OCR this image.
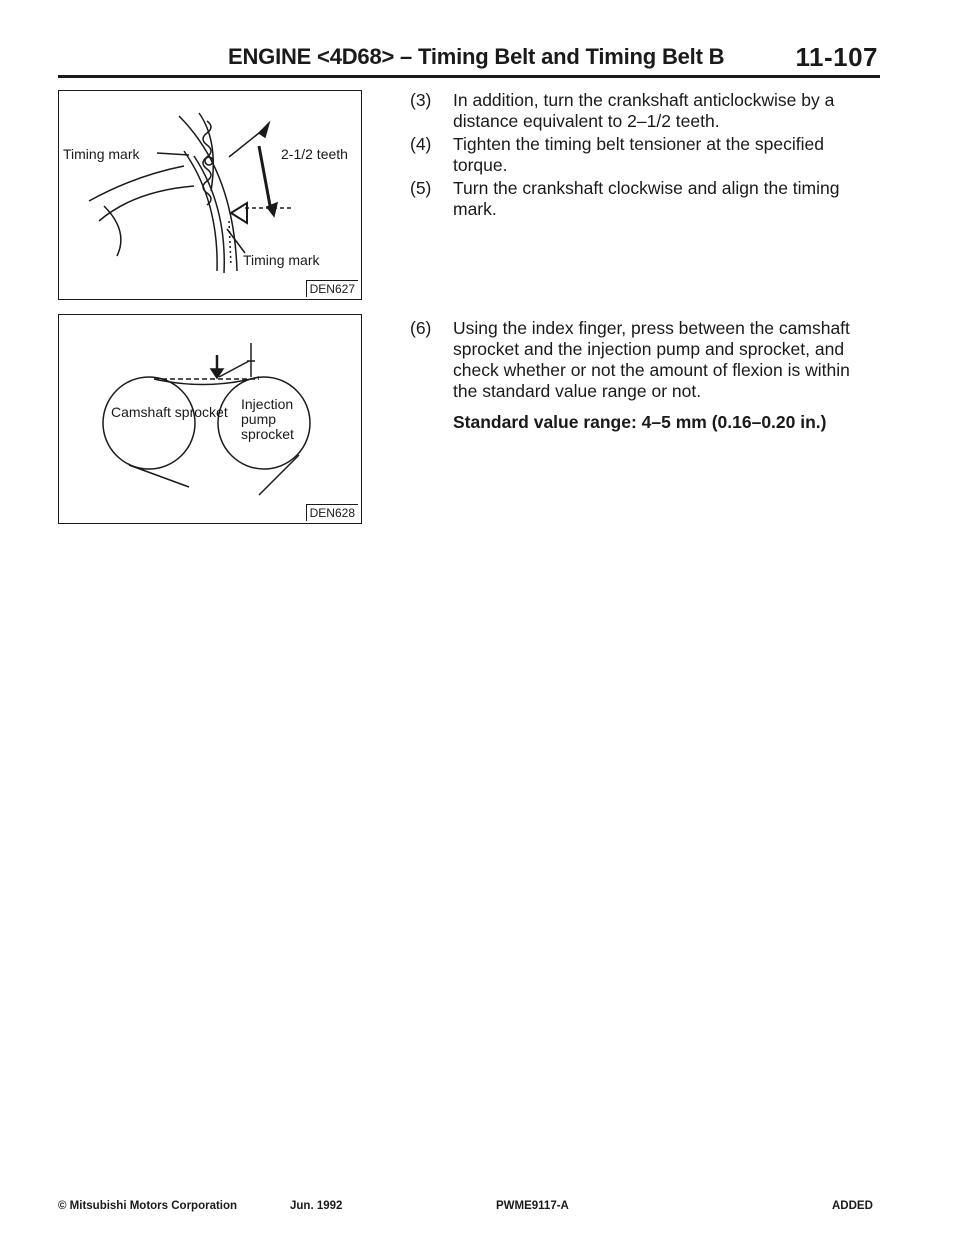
ENGINE <4D68> – Timing Belt and Timing Belt B	11-107
Timing mark	2-1/2 teeth
Timing mark
DEN627
Camshaft sprocket Injection pump sprocket
DEN628
(3) In addition, turn the crankshaft anticlockwise by a distance equivalent to 2–1/2 teeth.
(4) Tighten the timing belt tensioner at the specified torque.
(5) Turn the crankshaft clockwise and align the timing mark.
(6) Using the index finger, press between the camshaft sprocket and the injection pump and sprocket, and check whether or not the amount of flexion is within the standard value range or not.
Standard value range: 4–5 mm (0.16–0.20 in.)
© Mitsubishi Motors Corporation	Jun. 1992	PWME9117-A	ADDED
